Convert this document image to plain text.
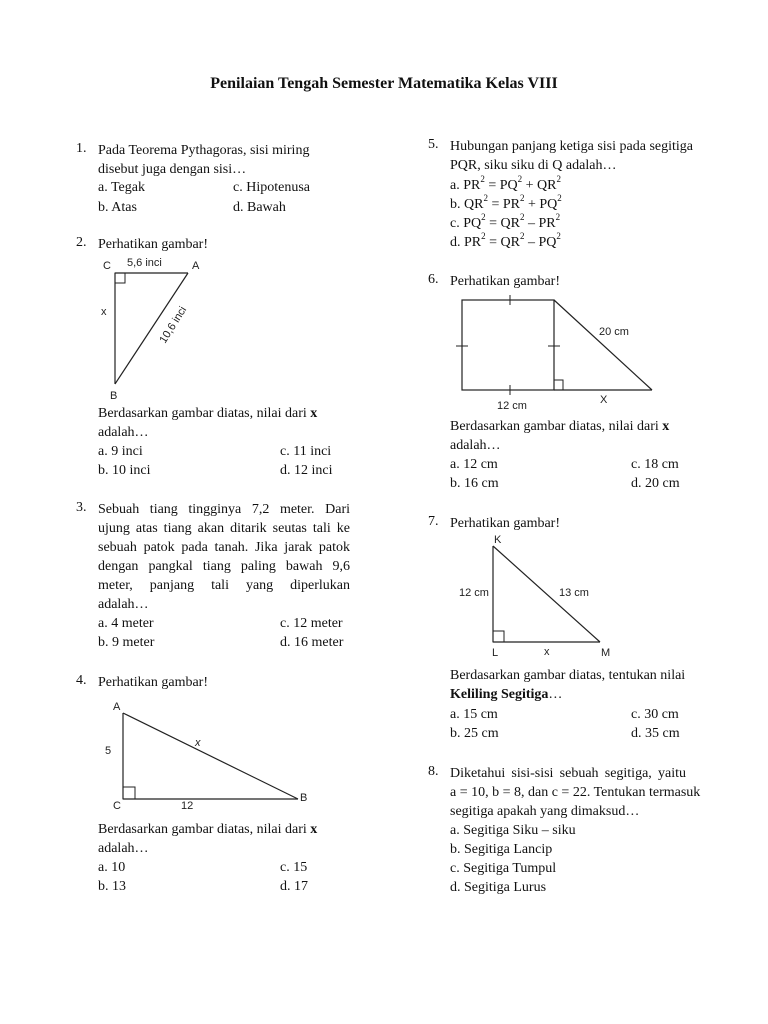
Penilaian Tengah Semester Matematika Kelas VIII
1. Pada Teorema Pythagoras, sisi miring
disebut juga dengan sisi…
a. Tegak	c. Hipotenusa
b. Atas	d. Bawah
2. Perhatikan gambar!
C	A
B
5,6 inci
x	10,6 inci
Berdasarkan gambar diatas, nilai dari x
adalah…
a. 9 inci	c. 11 inci
b. 10 inci	d. 12 inci
3. Sebuah tiang tingginya 7,2 meter. Dari
ujung atas tiang akan ditarik seutas tali ke
sebuah patok pada tanah. Jika jarak patok
dengan pangkal tiang paling bawah 9,6
meter, panjang tali yang diperlukan
adalah…
a. 4 meter	c. 12 meter
b. 9 meter	d. 16 meter
4. Perhatikan gambar!
A
B
C
5
12
x
Berdasarkan gambar diatas, nilai dari x
adalah…
a. 10	c. 15
b. 13	d. 17
5. Hubungan panjang ketiga sisi pada segitiga
PQR, siku siku di Q adalah…
a. $PR^2 = PQ^2 + QR^2$
b. $QR^2 = PR^2 + PQ^2$
c. $PQ^2 = QR^2 - PR^2$
d. $PR^2 = QR^2 - PQ^2$
6. Perhatikan gambar!
20 cm
12 cm	X
Berdasarkan gambar diatas, nilai dari x
adalah…
a. 12 cm	c. 18 cm
b. 16 cm	d. 20 cm
7. Perhatikan gambar!
K
L	M
12 cm	13 cm
x
Berdasarkan gambar diatas, tentukan nilai
Keliling Segitiga…
a. 15 cm	c. 30 cm
b. 25 cm	d. 35 cm
8. Diketahui sisi-sisi sebuah segitiga, yaitu
a = 10, b = 8, dan c = 22. Tentukan termasuk
segitiga apakah yang dimaksud…
a. Segitiga Siku – siku
b. Segitiga Lancip
c. Segitiga Tumpul
d. Segitiga Lurus
